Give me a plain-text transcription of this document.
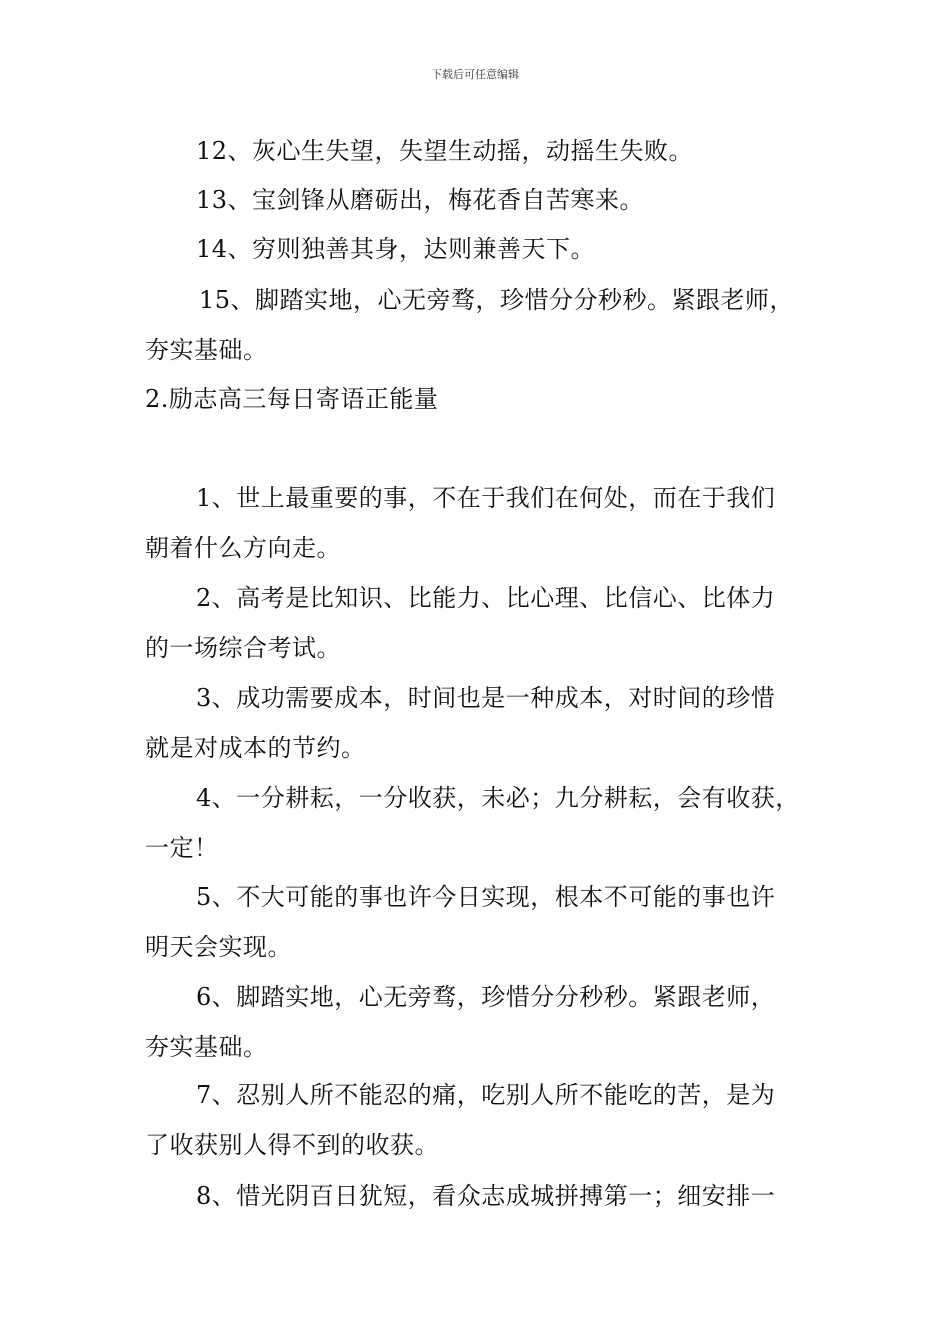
下载后可任意编辑
12、灰心生失望，失望生动摇，动摇生失败。
13、宝剑锋从磨砺出，梅花香自苦寒来。
14、穷则独善其身，达则兼善天下。
15、脚踏实地，心无旁骛，珍惜分分秒秒。紧跟老师，
夯实基础。
2.励志高三每日寄语正能量
1、世上最重要的事，不在于我们在何处，而在于我们
朝着什么方向走。
2、高考是比知识、比能力、比心理、比信心、比体力
的一场综合考试。
3、成功需要成本，时间也是一种成本，对时间的珍惜
就是对成本的节约。
4、一分耕耘，一分收获，未必；九分耕耘，会有收获，
一定！
5、不大可能的事也许今日实现，根本不可能的事也许
明天会实现。
6、脚踏实地，心无旁骛，珍惜分分秒秒。紧跟老师，
夯实基础。
7、忍别人所不能忍的痛，吃别人所不能吃的苦，是为
了收获别人得不到的收获。
8、惜光阴百日犹短，看众志成城拼搏第一；细安排一
